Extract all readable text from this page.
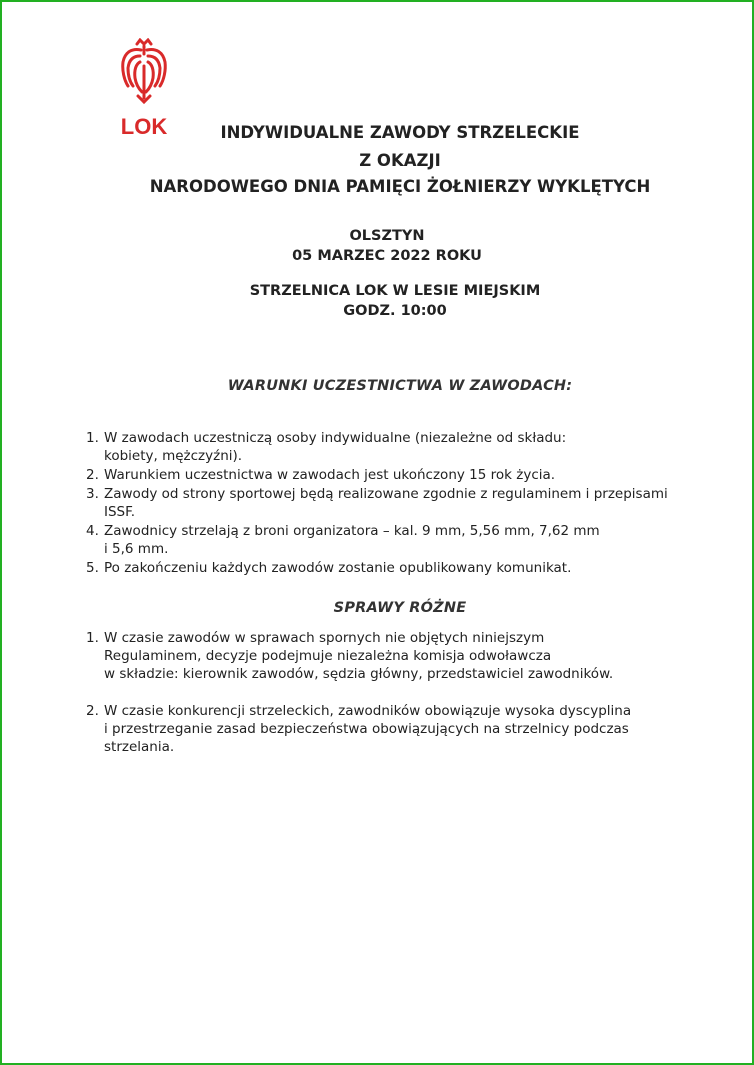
LOK	INDYWIDUALNE ZAWODY STRZELECKIE
Z OKAZJI
NARODOWEGO DNIA PAMIĘCI ŻOŁNIERZY WYKLĘTYCH
OLSZTYN
05 MARZEC 2022 ROKU
STRZELNICA LOK W LESIE MIEJSKIM
GODZ. 10:00
WARUNKI UCZESTNICTWA W ZAWODACH:
1. W zawodach uczestniczą osoby indywidualne (niezależne od składu:
kobiety, mężczyźni).
2. Warunkiem uczestnictwa w zawodach jest ukończony 15 rok życia.
3. Zawody od strony sportowej będą realizowane zgodnie z regulaminem i przepisami
ISSF.
4. Zawodnicy strzelają z broni organizatora – kal. 9 mm, 5,56 mm, 7,62 mm
i 5,6 mm.
5. Po zakończeniu każdych zawodów zostanie opublikowany komunikat.
SPRAWY RÓŻNE
1. W czasie zawodów w sprawach spornych nie objętych niniejszym
Regulaminem, decyzje podejmuje niezależna komisja odwoławcza
w składzie: kierownik zawodów, sędzia główny, przedstawiciel zawodników.
2. W czasie konkurencji strzeleckich, zawodników obowiązuje wysoka dyscyplina
i przestrzeganie zasad bezpieczeństwa obowiązujących na strzelnicy podczas
strzelania.
